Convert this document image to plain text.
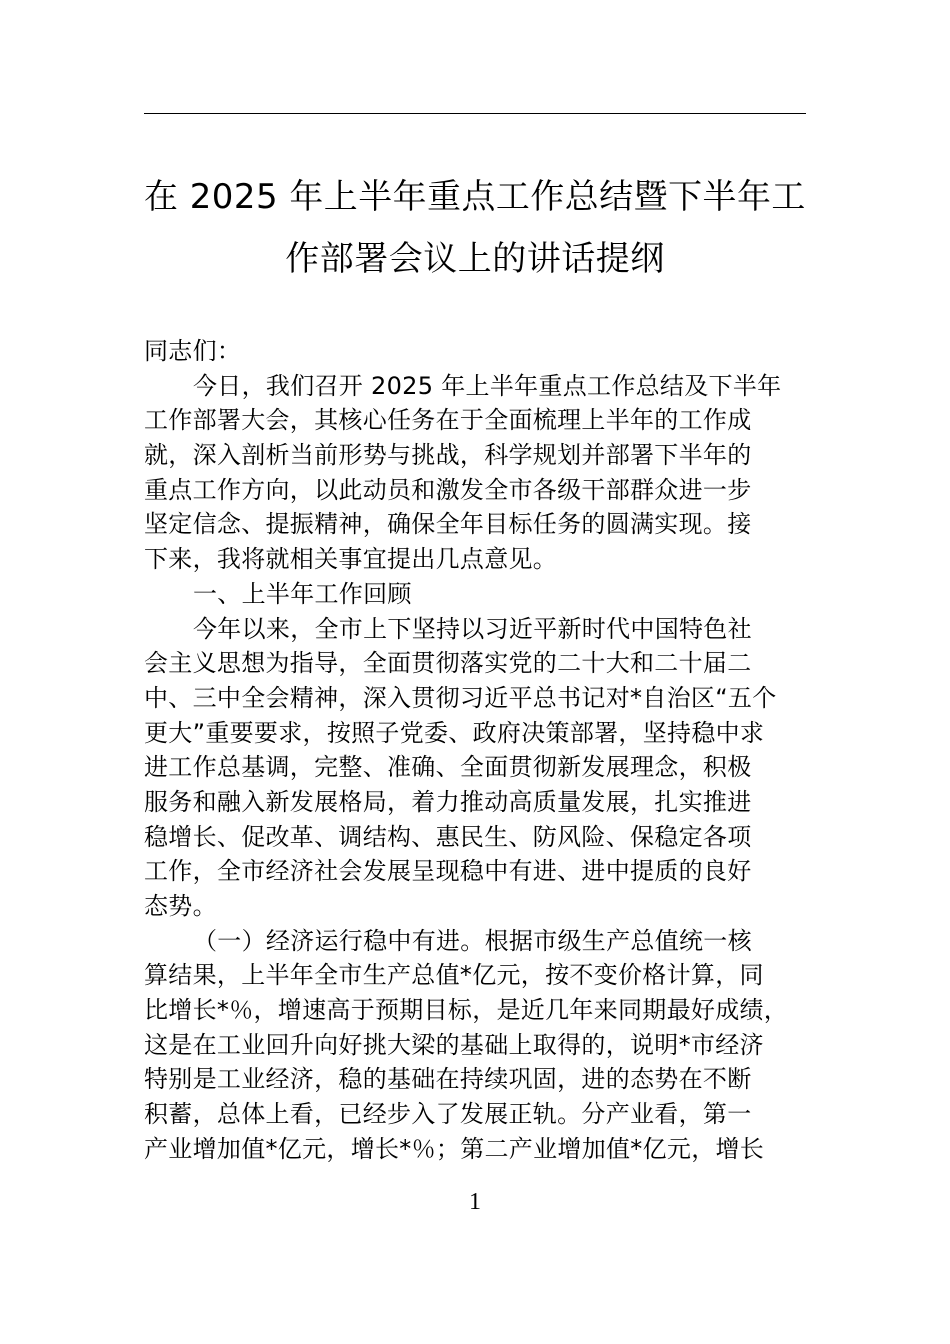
在 2025 年上半年重点工作总结暨下半年工
作部署会议上的讲话提纲
同志们：
今日，我们召开 2025 年上半年重点工作总结及下半年
工作部署大会，其核心任务在于全面梳理上半年的工作成
就，深入剖析当前形势与挑战，科学规划并部署下半年的
重点工作方向，以此动员和激发全市各级干部群众进一步
坚定信念、提振精神，确保全年目标任务的圆满实现。接
下来，我将就相关事宜提出几点意见。
一、上半年工作回顾
今年以来，全市上下坚持以习近平新时代中国特色社
会主义思想为指导，全面贯彻落实党的二十大和二十届二
中、三中全会精神，深入贯彻习近平总书记对*自治区“五个
更大”重要要求，按照子党委、政府决策部署，坚持稳中求
进工作总基调，完整、准确、全面贯彻新发展理念，积极
服务和融入新发展格局，着力推动高质量发展，扎实推进
稳增长、促改革、调结构、惠民生、防风险、保稳定各项
工作，全市经济社会发展呈现稳中有进、进中提质的良好
态势。
（一）经济运行稳中有进。根据市级生产总值统一核
算结果，上半年全市生产总值*亿元，按不变价格计算，同
比增长*％，增速高于预期目标，是近几年来同期最好成绩，
这是在工业回升向好挑大梁的基础上取得的，说明*市经济
特别是工业经济，稳的基础在持续巩固，进的态势在不断
积蓄，总体上看，已经步入了发展正轨。分产业看，第一
产业增加值*亿元，增长*％；第二产业增加值*亿元，增长
1
